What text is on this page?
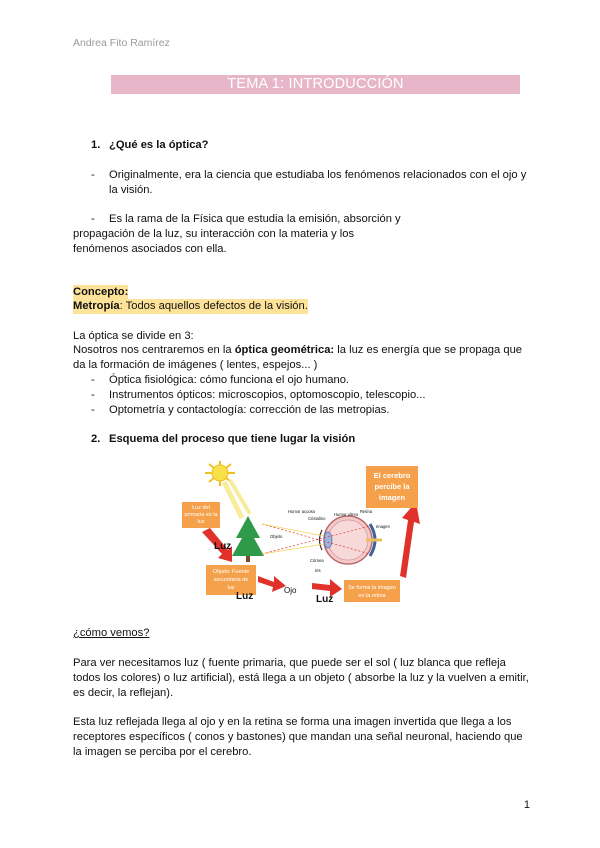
Andrea Fito Ramírez
TEMA 1: INTRODUCCIÓN
1. ¿Qué es la óptica?
- Originalmente, era la ciencia que estudiaba los fenómenos relacionados con el ojo y
la visión.
- Es la rama de la Física que estudia la emisión, absorción y
propagación de la luz, su interacción con la materia y los
fenómenos asociados con ella.
Concepto:
Metropía: Todos aquellos defectos de la visión.
La óptica se divide en 3:
Nosotros nos centraremos en la óptica geométrica: la luz es energía que se propaga que
da la formación de imágenes ( lentes, espejos... )
- Óptica fisiológica: cómo funciona el ojo humano.
- Instrumentos ópticos: microscopios, optomoscopio, telescopio...
- Optometría y contactología: corrección de las metropias.
2. Esquema del proceso que tiene lugar la visión
Luz del
primaria es la
luz
Luz
Objeto: Fuente
secundaria de
luz
Luz
Ojo
Luz
Se forma la imagen
en la retina
El cerebro
percibe la
imagen
Humor acuoso
Cristalino
Retina
Imagen
Humor vítreo
Córnea
Iris
Objeto
¿cómo vemos?
Para ver necesitamos luz ( fuente primaria, que puede ser el sol ( luz blanca que refleja
todos los colores) o luz artificial), está llega a un objeto ( absorbe la luz y la vuelven a emitir,
es decir, la reflejan).
Esta luz reflejada llega al ojo y en la retina se forma una imagen invertida que llega a los
receptores específicos ( conos y bastones) que mandan una señal neuronal, haciendo que
la imagen se perciba por el cerebro.
1
